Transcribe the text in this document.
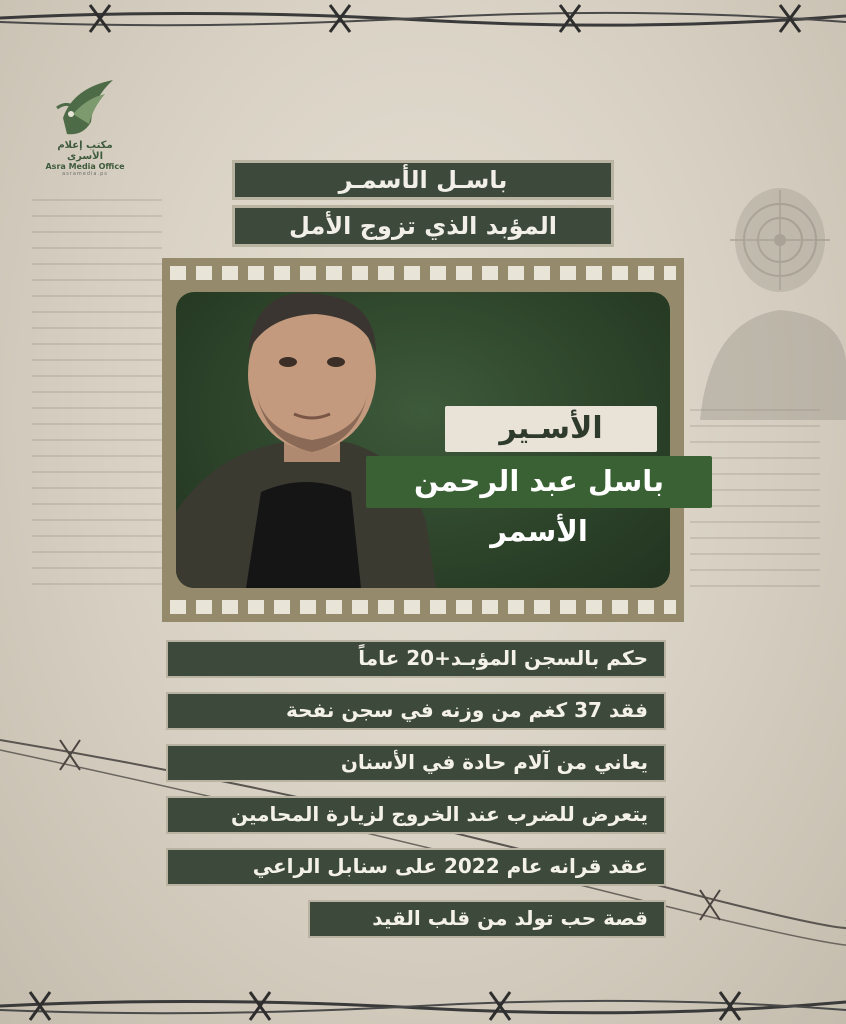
مكتب إعلام الأسرى
Asra Media Office
asramedia.ps	باسـل الأسمـر
المؤبد الذي تزوج الأمل
الأسـير
باسل عبد الرحمن الأسمر
حكم بالسجن المؤبـد+20 عاماً
فقد 37 كغم من وزنه في سجن نفحة
يعاني من آلام حادة في الأسنان
يتعرض للضرب عند الخروج لزيارة المحامين
عقد قرانه عام 2022 على سنابل الراعي
قصة حب تولد من قلب القيد
